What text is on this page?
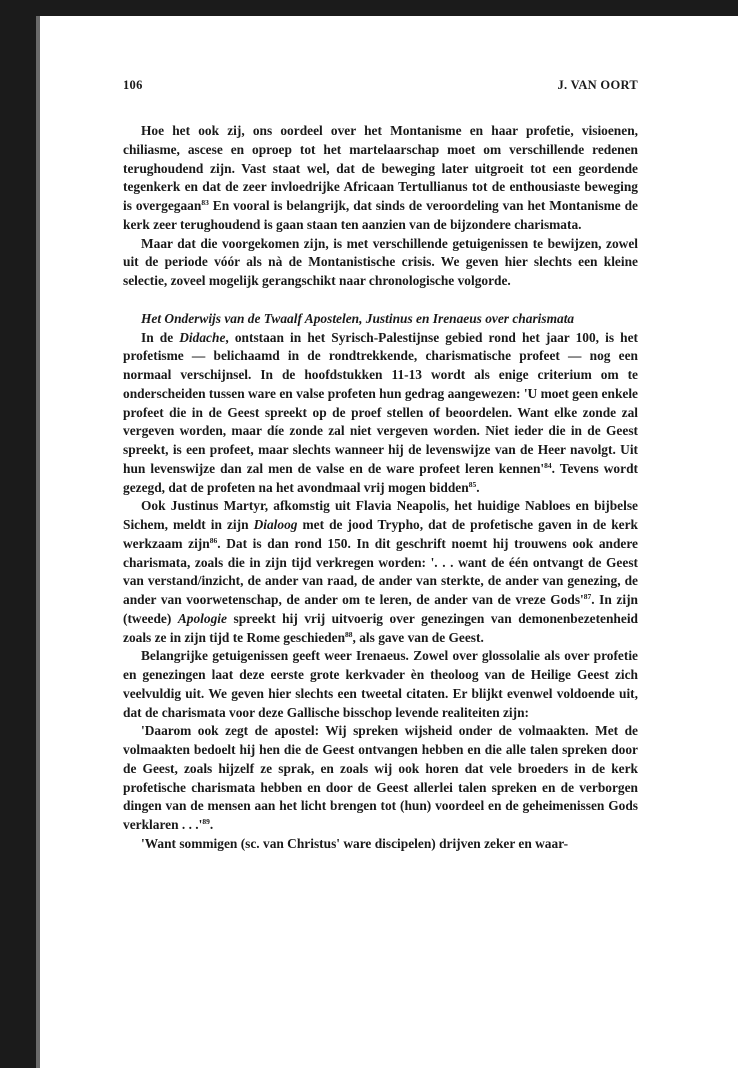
106	J. VAN OORT

Hoe het ook zij, ons oordeel over het Montanisme en haar profetie, visioenen, chiliasme, ascese en oproep tot het martelaarschap moet om verschillende redenen terughoudend zijn. Vast staat wel, dat de beweging later uitgroeit tot een geordende tegenkerk en dat de zeer invloedrijke Africaan Tertullianus tot de enthousiaste beweging is overgegaan$^{83}$ En vooral is belangrijk, dat sinds de veroordeling van het Montanisme de kerk zeer terughoudend is gaan staan ten aanzien van de bijzondere charismata.

Maar dat die voorgekomen zijn, is met verschillende getuigenissen te bewijzen, zowel uit de periode vóór als nà de Montanistische crisis. We geven hier slechts een kleine selectie, zoveel mogelijk gerangschikt naar chronologische volgorde.

Het Onderwijs van de Twaalf Apostelen, Justinus en Irenaeus over charismata

In de Didache, ontstaan in het Syrisch-Palestijnse gebied rond het jaar 100, is het profetisme — belichaamd in de rondtrekkende, charismatische profeet — nog een normaal verschijnsel. In de hoofdstukken 11-13 wordt als enige criterium om te onderscheiden tussen ware en valse profeten hun gedrag aangewezen: 'U moet geen enkele profeet die in de Geest spreekt op de proef stellen of beoordelen. Want elke zonde zal vergeven worden, maar díe zonde zal niet vergeven worden. Niet ieder die in de Geest spreekt, is een profeet, maar slechts wanneer hij de levenswijze van de Heer navolgt. Uit hun levenswijze dan zal men de valse en de ware profeet leren $kennen'^{84}$. Tevens wordt gezegd, dat de profeten na het avondmaal vrij mogen bidden$^{85}$.

Ook Justinus Martyr, afkomstig uit Flavia Neapolis, het huidige Nabloes en bijbelse Sichem, meldt in zijn Dialoog met de jood Trypho, dat de profetische gaven in de kerk werkzaam zijn$^{86}$. Dat is dan rond 150. In dit geschrift noemt hij trouwens ook andere charismata, zoals die in zijn tijd verkregen worden: '. . . want de één ontvangt de Geest van verstand/inzicht, de ander van raad, de ander van sterkte, de ander van genezing, de ander van voorwetenschap, de ander om te leren, de ander van de vreze $Gods'^{87}$. In zijn (tweede) Apologie spreekt hij vrij uitvoerig over genezingen van demonenbezetenheid zoals ze in zijn tijd te Rome geschieden$^{88}$, als gave van de Geest.

Belangrijke getuigenissen geeft weer Irenaeus. Zowel over glossolalie als over profetie en genezingen laat deze eerste grote kerkvader èn theoloog van de Heilige Geest zich veelvuldig uit. We geven hier slechts een tweetal citaten. Er blijkt evenwel voldoende uit, dat de charismata voor deze Gallische bisschop levende realiteiten zijn:

'Daarom ook zegt de apostel: Wij spreken wijsheid onder de volmaakten. Met de volmaakten bedoelt hij hen die de Geest ontvangen hebben en die alle talen spreken door de Geest, zoals hijzelf ze sprak, en zoals wij ook horen dat vele broeders in de kerk profetische charismata hebben en door de Geest allerlei talen spreken en de verborgen dingen van de mensen aan het licht brengen tot (hun) voordeel en de geheimenissen Gods verklaren . . $.'^{89}$.

'Want sommigen (sc. van Christus' ware discipelen) drijven zeker en waar-
